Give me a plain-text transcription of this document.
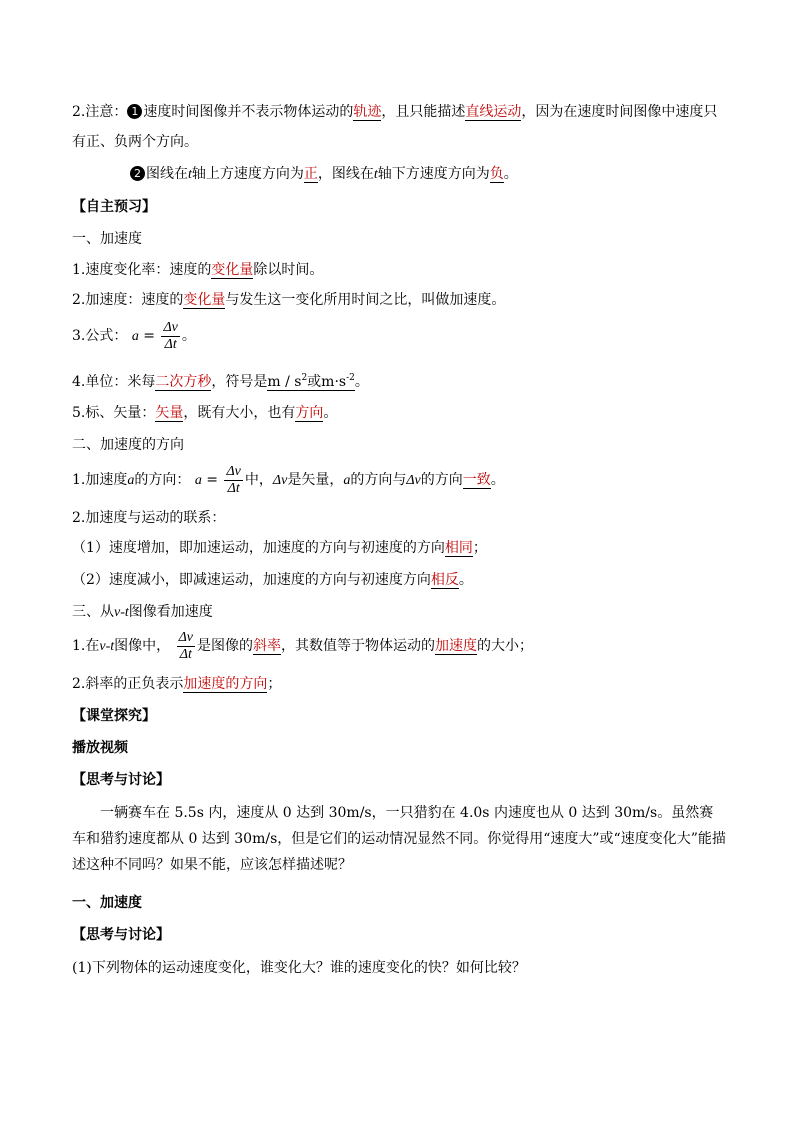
2.注意： 1 速度时间图像并不表示物体运动的轨迹，且只能描述直线运动，因为在速度时间图像中速度只
有正、负两个方向。
2 图线在t轴上方速度方向为正，图线在t轴下方速度方向为负。
【自主预习】
一、加速度
1.速度变化率：速度的变化量除以时间。
2.加速度：速度的变化量与发生这一变化所用时间之比，叫做加速度。
3.公式： $a = \frac{\Delta v}{\Delta t}$ 。
4.单位：米每二次方秒，符号是m / $s^2$或$m\cdot s^{-2}$。
5.标、矢量：矢量，既有大小，也有方向。
二、加速度的方向
1.加速度a的方向： $a = \frac{\Delta v}{\Delta t}$ 中，Δv是矢量，a的方向与Δv的方向一致。
2.加速度与运动的联系：
（1）速度增加，即加速运动，加速度的方向与初速度的方向相同；
（2）速度减小，即减速运动，加速度的方向与初速度方向相反。
三、从v-t图像看加速度
1.在v-t图像中， $\frac{\Delta v}{\Delta t}$ 是图像的斜率，其数值等于物体运动的加速度的大小；
2.斜率的正负表示加速度的方向；
【课堂探究】
播放视频
【思考与讨论】
一辆赛车在 5.5s 内，速度从 0 达到 30m/s，一只猎豹在 4.0s 内速度也从 0 达到 30m/s。虽然赛车和猎豹速度都从 0 达到 30m/s，但是它们的运动情况显然不同。你觉得用“速度大”或“速度变化大”能描述这种不同吗？如果不能，应该怎样描述呢？
一、加速度
【思考与讨论】
(1)下列物体的运动速度变化，谁变化大？谁的速度变化的快？如何比较？
